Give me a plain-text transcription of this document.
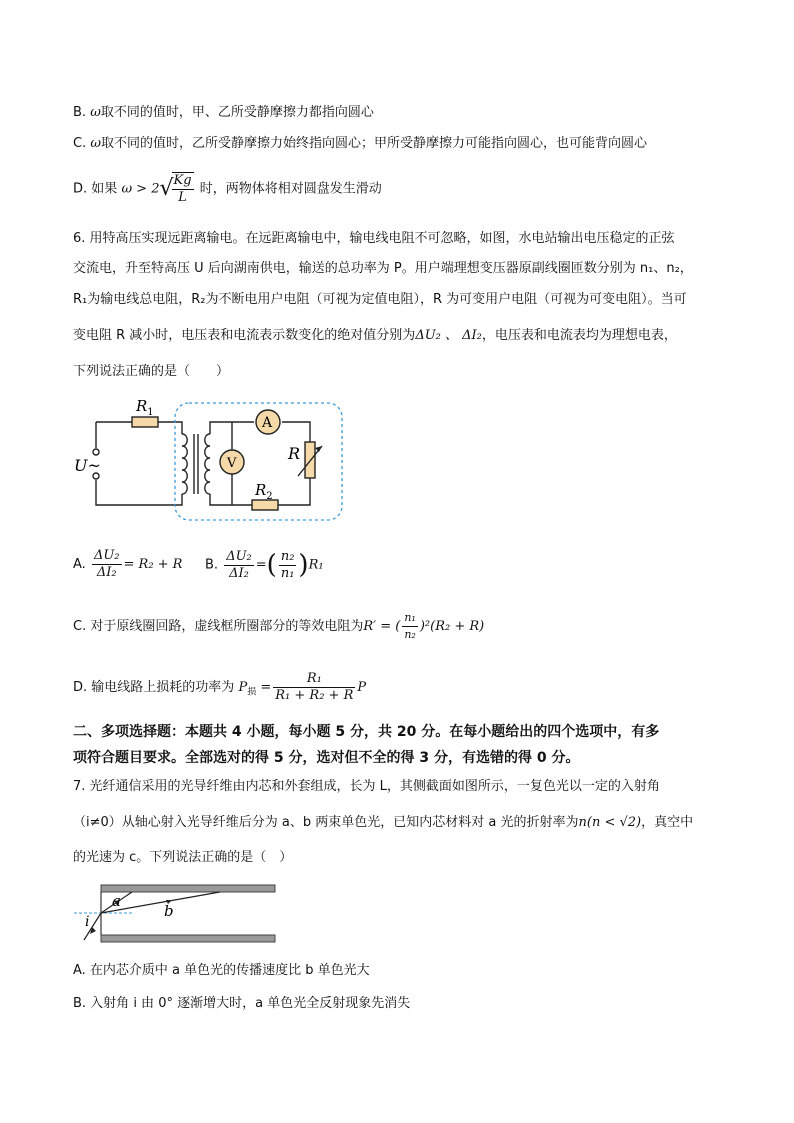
B. ω取不同的值时，甲、乙所受静摩擦力都指向圆心
C. ω取不同的值时，乙所受静摩擦力始终指向圆心；甲所受静摩擦力可能指向圆心，也可能背向圆心
D. 如果 ω > 2√
$\frac{Kg}{L}$ 时，两物体将相对圆盘发生滑动
6. 用特高压实现远距离输电。在远距离输电中，输电线电阻不可忽略，如图，水电站输出电压稳定的正弦
交流电，升至特高压 U 后向湖南供电，输送的总功率为 P。用户端理想变压器原副线圈匝数分别为 n₁、n₂，
R₁为输电线总电阻，R₂为不断电用户电阻（可视为定值电阻），R 为可变用户电阻（可视为可变电阻）。当可
变电阻 R 减小时，电压表和电流表示数变化的绝对值分别为ΔU₂ 、 ΔI₂，电压表和电流表均为理想电表，
下列说法正确的是（　　）
U~
$R_1$
A
V
R
$R_2$
A. $\frac{\text{ΔU₂}}{\text{ΔI₂}} = R_2 + R$ B. $\frac{\text{ΔU₂}}{\text{ΔI₂}}$ =( $\frac{\text{n₂}}{\text{n₁}} )R_1$
C. 对于原线圈回路，虚线框所圈部分的等效电阻为R′ = ( $\frac{\text{n₁}}{\text{n₂}} )^2(R_2 + R)$
D. 输电线路上损耗的功率为 $P_损 = \frac{\text{R₁}}{\text{R₁ + R₂ + R}}$ P
二、多项选择题：本题共 4 小题，每小题 5 分，共 20 分。在每小题给出的四个选项中，有多
项符合题目要求。全部选对的得 5 分，选对但不全的得 3 分，有选错的得 0 分。
7. 光纤通信采用的光导纤维由内芯和外套组成，长为 L，其侧截面如图所示，一复色光以一定的入射角
（i≠0）从轴心射入光导纤维后分为 a、b 两束单色光，已知内芯材料对 a 光的折射率为n(n < √2)，真空中
的光速为 c。下列说法正确的是（　）
a
b
i
A. 在内芯介质中 a 单色光的传播速度比 b 单色光大
B. 入射角 i 由 0° 逐渐增大时，a 单色光全反射现象先消失
